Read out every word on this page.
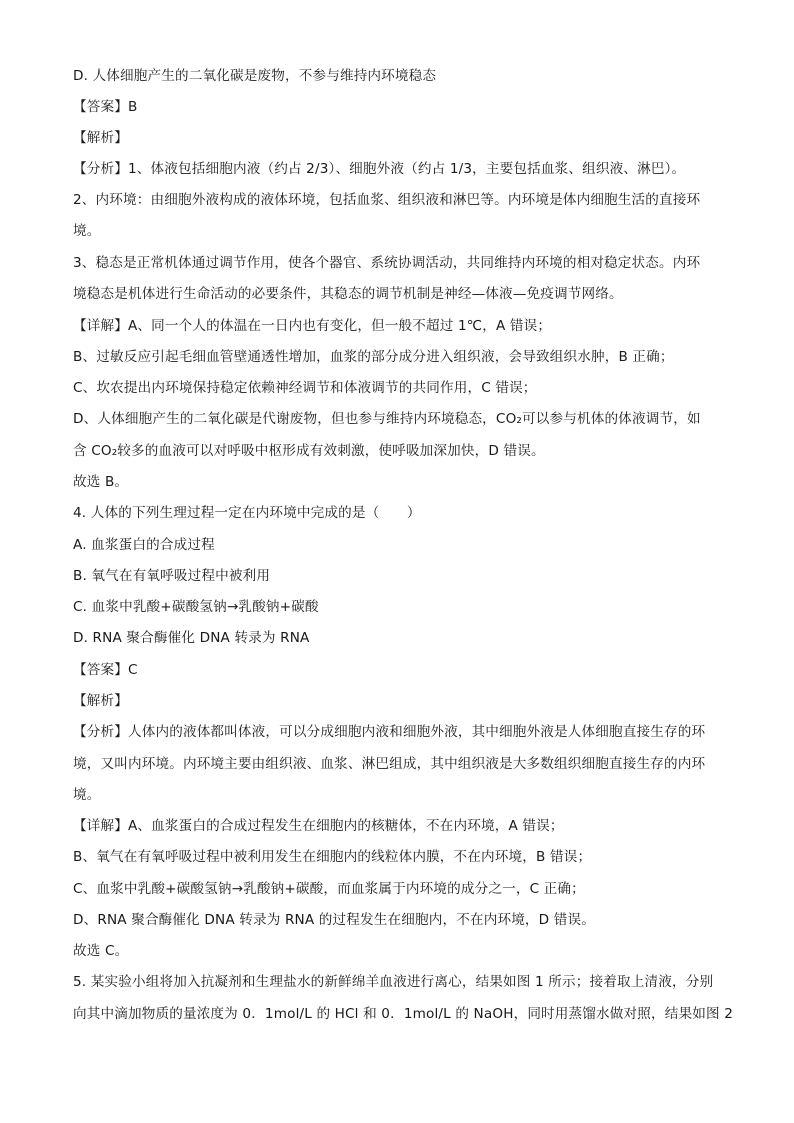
D. 人体细胞产生的二氧化碳是废物，不参与维持内环境稳态
【答案】B
【解析】
【分析】1、体液包括细胞内液（约占 2/3）、细胞外液（约占 1/3，主要包括血浆、组织液、淋巴）。
2、内环境：由细胞外液构成的液体环境，包括血浆、组织液和淋巴等。内环境是体内细胞生活的直接环
境。
3、稳态是正常机体通过调节作用，使各个器官、系统协调活动，共同维持内环境的相对稳定状态。内环
境稳态是机体进行生命活动的必要条件，其稳态的调节机制是神经—体液—免疫调节网络。
【详解】A、同一个人的体温在一日内也有变化，但一般不超过 1℃，A 错误；
B、过敏反应引起毛细血管壁通透性增加，血浆的部分成分进入组织液，会导致组织水肿，B 正确；
C、坎农提出内环境保持稳定依赖神经调节和体液调节的共同作用，C 错误；
D、人体细胞产生的二氧化碳是代谢废物，但也参与维持内环境稳态，CO₂可以参与机体的体液调节，如
含 CO₂较多的血液可以对呼吸中枢形成有效刺激，使呼吸加深加快，D 错误。
故选 B。
4. 人体的下列生理过程一定在内环境中完成的是（　　）
A. 血浆蛋白的合成过程
B. 氧气在有氧呼吸过程中被利用
C. 血浆中乳酸+碳酸氢钠→乳酸钠+碳酸
D. RNA 聚合酶催化 DNA 转录为 RNA
【答案】C
【解析】
【分析】人体内的液体都叫体液，可以分成细胞内液和细胞外液，其中细胞外液是人体细胞直接生存的环
境，又叫内环境。内环境主要由组织液、血浆、淋巴组成，其中组织液是大多数组织细胞直接生存的内环
境。
【详解】A、血浆蛋白的合成过程发生在细胞内的核糖体，不在内环境，A 错误；
B、氧气在有氧呼吸过程中被利用发生在细胞内的线粒体内膜，不在内环境，B 错误；
C、血浆中乳酸+碳酸氢钠→乳酸钠+碳酸，而血浆属于内环境的成分之一，C 正确；
D、RNA 聚合酶催化 DNA 转录为 RNA 的过程发生在细胞内，不在内环境，D 错误。
故选 C。
5. 某实验小组将加入抗凝剂和生理盐水的新鲜绵羊血液进行离心，结果如图 1 所示；接着取上清液，分别
向其中滴加物质的量浓度为 0．1mol/L 的 HCl 和 0．1mol/L 的 NaOH，同时用蒸馏水做对照，结果如图 2
